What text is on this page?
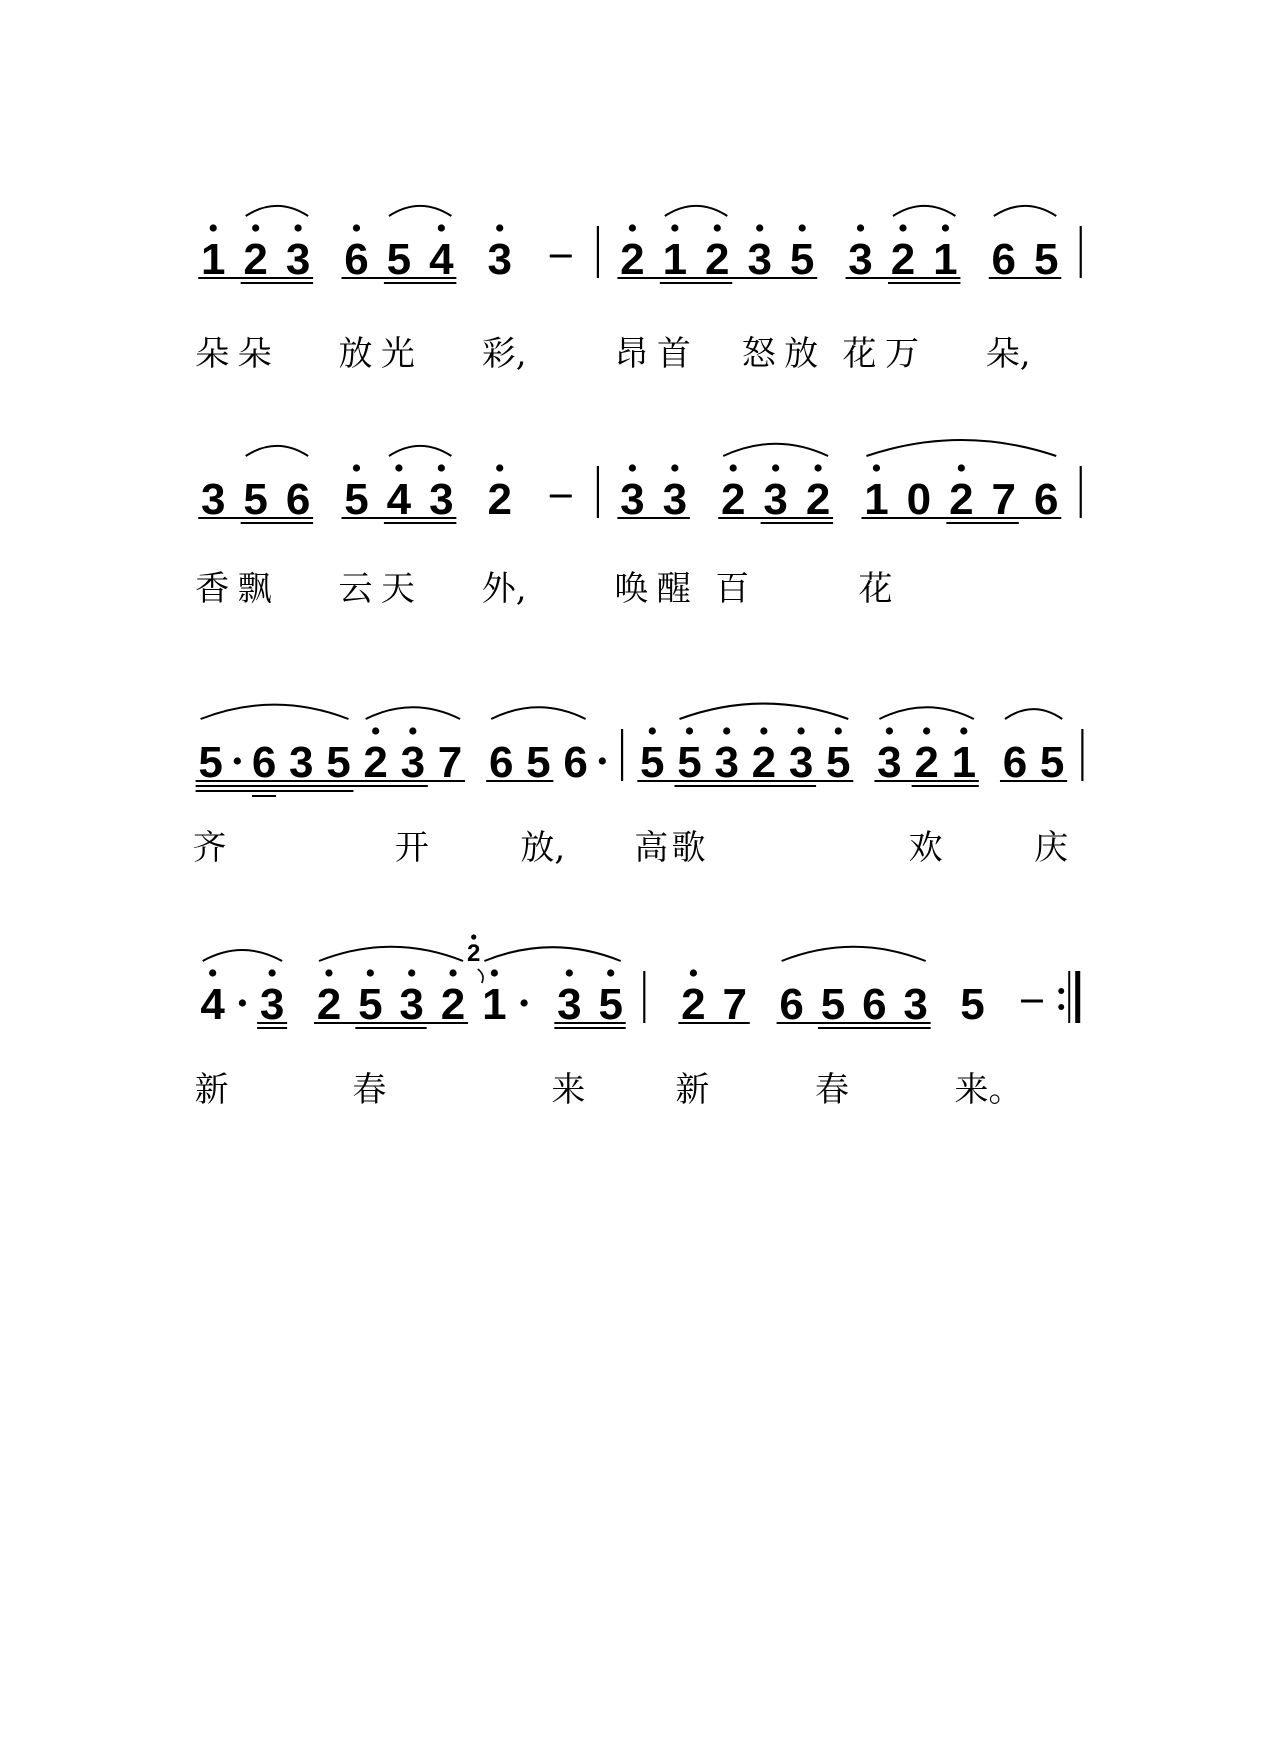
1 2 3 6 5 4 3 2 1 2 3 5 3 2 1 6 5
朵 朵 放 光 彩,	昂 首 怒 放 花 万 朵,
3 5 6 5 4 3 2 3 3 2 3 2 1 0 2 7 6
香 飘 云 天 外,	唤 醒 百	花
5 6 3 5 2 3 7 6 5 6 5 5 3 2 3 5 3 2 1 6 5
齐	开	放, 高 歌	欢	庆
4 3 2 5 3 2 1
2
3 5 2 7 6 5 6 3 5
新	春	来	新	春	来。
